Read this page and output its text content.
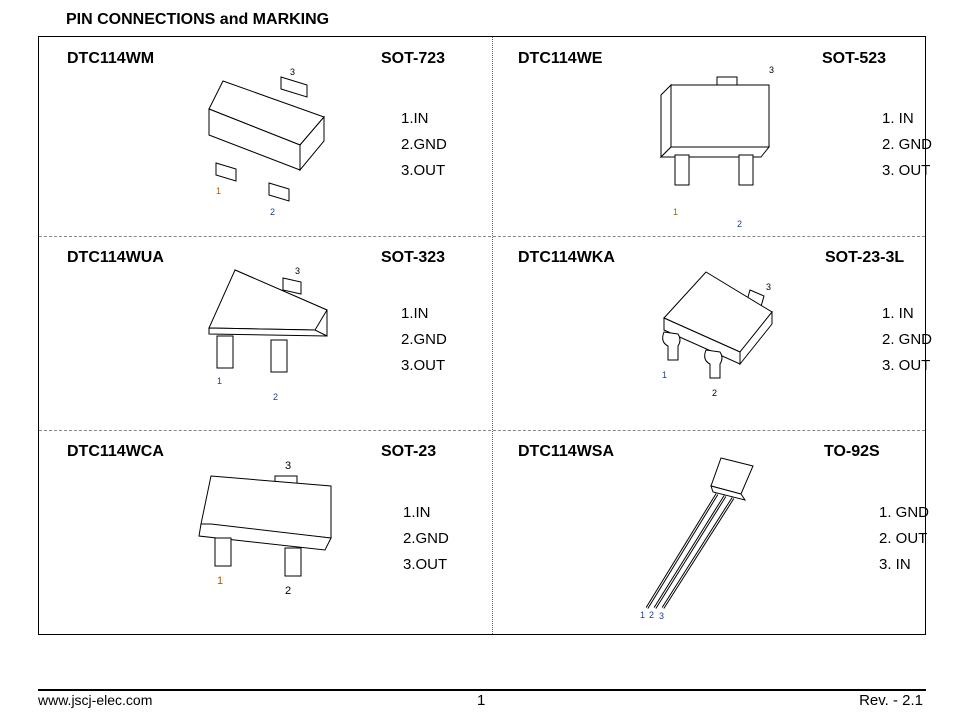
PIN CONNECTIONS and MARKING
DTC114WM	SOT-723
1
2
3
1.IN
2.GND
3.OUT
DTC114WE	SOT-523
1
2
3
1. IN
2. GND
3. OUT
DTC114WUA	SOT-323
1
2
3
1.IN
2.GND
3.OUT
DTC114WKA	SOT-23-3L
1
2
3
1. IN
2. GND
3. OUT
DTC114WCA	SOT-23
1
2
3
1.IN
2.GND
3.OUT
DTC114WSA	TO-92S
1 2 3
1. GND
2. OUT
3. IN
www.jscj-elec.com	1	Rev. - 2.1
